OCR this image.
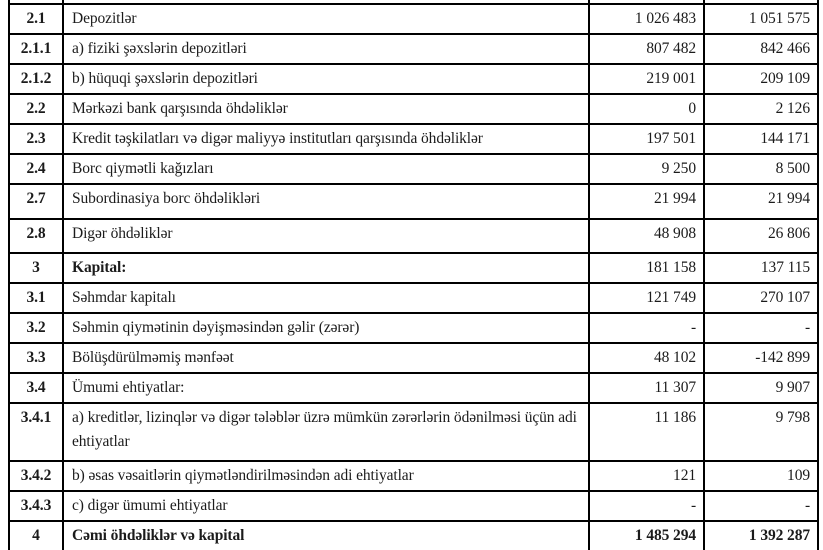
2.1	Depozitlər	1 026 483	1 051 575
2.1.1	a) fiziki şəxslərin depozitləri	807 482	842 466
2.1.2	b) hüquqi şəxslərin depozitləri	219 001	209 109
2.2	Mərkəzi bank qarşısında öhdəliklər	0	2 126
2.3	Kredit təşkilatları və digər maliyyə institutları qarşısında öhdəliklər	197 501	144 171
2.4	Borc qiymətli kağızları	9 250	8 500
2.7	Subordinasiya borc öhdəlikləri	21 994	21 994
2.8	Digər öhdəliklər	48 908	26 806
3	Kapital:	181 158	137 115
3.1	Səhmdar kapitalı	121 749	270 107
3.2	Səhmin qiymətinin dəyişməsindən gəlir (zərər)	-	-
3.3	Bölüşdürülməmiş mənfəət	48 102	-142 899
3.4	Ümumi ehtiyatlar:	11 307	9 907
3.4.1	a) kreditlər, lizinqlər və digər tələblər üzrə mümkün zərərlərin ödənilməsi üçün adi ehtiyatlar	11 186	9 798
3.4.2	b) əsas vəsaitlərin qiymətləndirilməsindən adi ehtiyatlar	121	109
3.4.3	c) digər ümumi ehtiyatlar	-	-
4	Cəmi öhdəliklər və kapital	1 485 294	1 392 287
